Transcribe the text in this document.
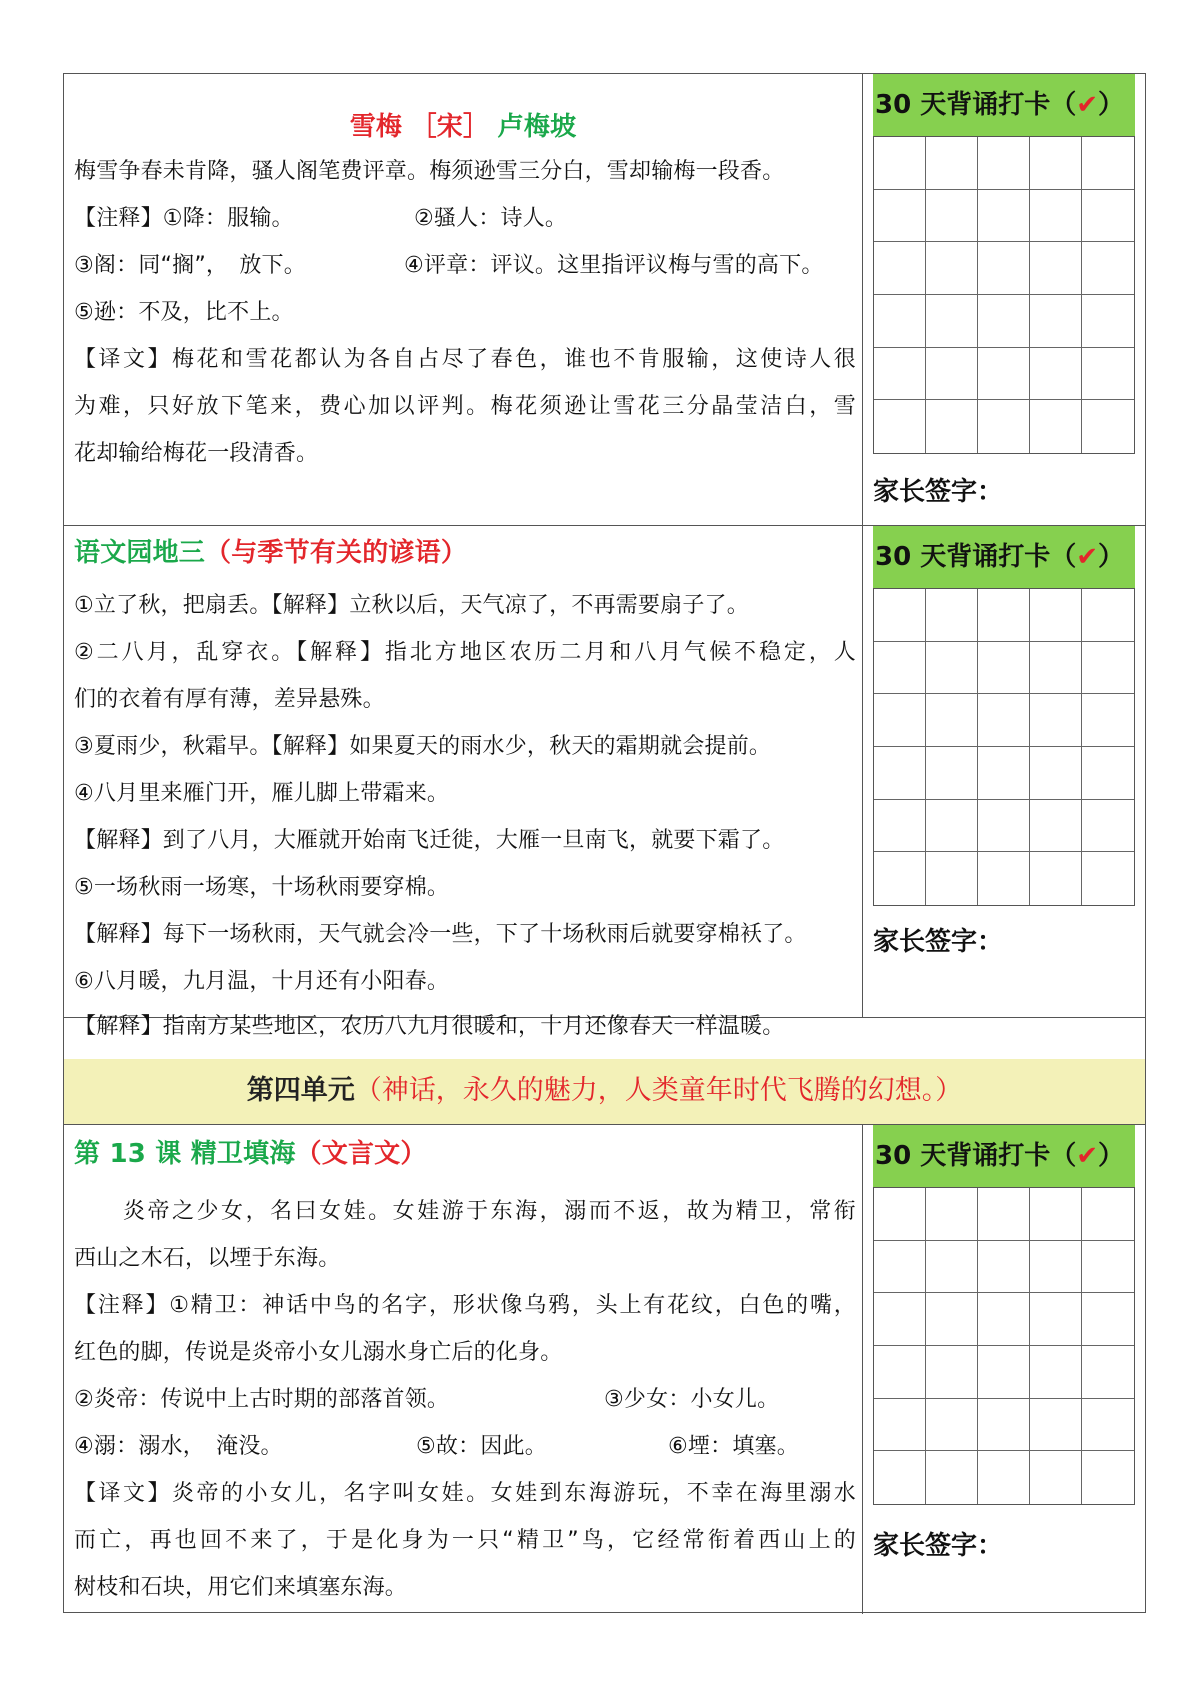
雪梅 ［宋］ 卢梅坡
梅雪争春未肯降，骚人阁笔费评章。梅须逊雪三分白，雪却输梅一段香。
【注释】①降：服输。	②骚人：诗人。
③阁：同“搁”，　放下。	④评章：评议。这里指评议梅与雪的高下。
⑤逊：不及，比不上。
【译文】梅花和雪花都认为各自占尽了春色，谁也不肯服输，这使诗人很
为难，只好放下笔来，费心加以评判。梅花须逊让雪花三分晶莹洁白，雪
花却输给梅花一段清香。
30 天背诵打卡（✔）
家长签字：
语文园地三（与季节有关的谚语）
①立了秋，把扇丢。【解释】立秋以后，天气凉了，不再需要扇子了。
②二八月，乱穿衣。【解释】指北方地区农历二月和八月气候不稳定，人
们的衣着有厚有薄，差异悬殊。
③夏雨少，秋霜早。【解释】如果夏天的雨水少，秋天的霜期就会提前。
④八月里来雁门开，雁儿脚上带霜来。
【解释】到了八月，大雁就开始南飞迁徙，大雁一旦南飞，就要下霜了。
⑤一场秋雨一场寒，十场秋雨要穿棉。
【解释】每下一场秋雨，天气就会冷一些，下了十场秋雨后就要穿棉袄了。
⑥八月暖，九月温，十月还有小阳春。
【解释】指南方某些地区，农历八九月很暖和，十月还像春天一样温暖。
30 天背诵打卡（✔）
家长签字：
第四单元（神话，永久的魅力，人类童年时代飞腾的幻想。）
第 13 课 精卫填海（文言文）
　　炎帝之少女，名曰女娃。女娃游于东海，溺而不返，故为精卫，常衔
西山之木石，以堙于东海。
【注释】①精卫：神话中鸟的名字，形状像乌鸦，头上有花纹，白色的嘴，
红色的脚，传说是炎帝小女儿溺水身亡后的化身。
②炎帝：传说中上古时期的部落首领。	③少女：小女儿。
④溺：溺水，　淹没。	⑤故：因此。	⑥堙：填塞。
【译文】炎帝的小女儿，名字叫女娃。女娃到东海游玩，不幸在海里溺水
而亡，再也回不来了，于是化身为一只“精卫”鸟，它经常衔着西山上的
树枝和石块，用它们来填塞东海。
30 天背诵打卡（✔）
家长签字：
